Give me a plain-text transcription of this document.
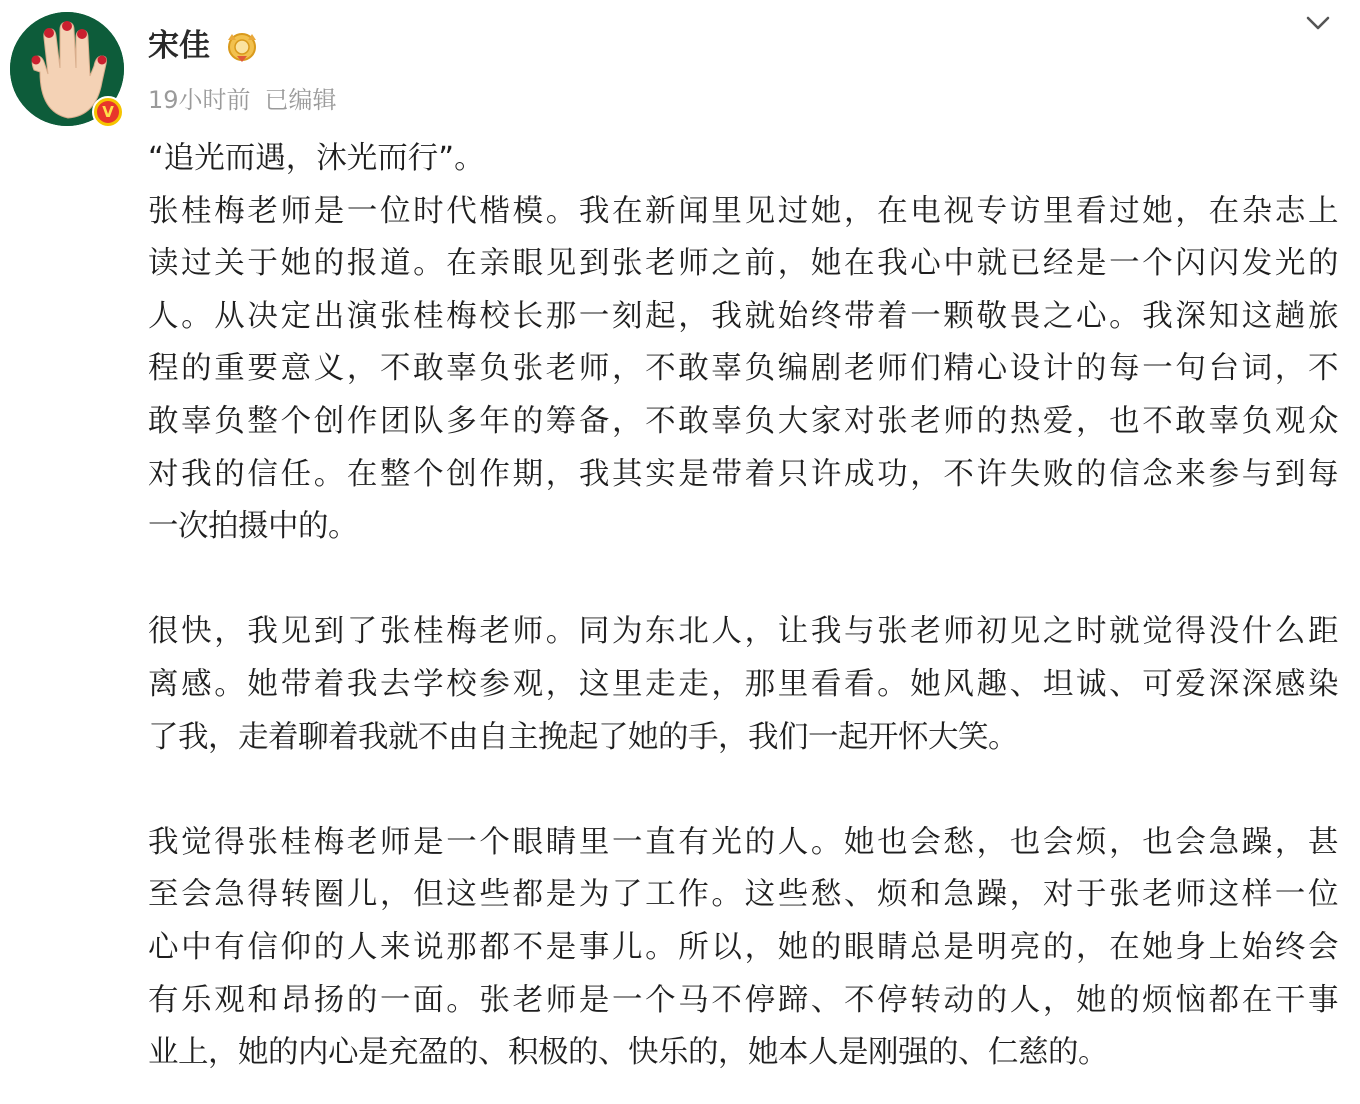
V
宋佳
19小时前 已编辑
“追光而遇，沐光而行”。
张桂梅老师是一位时代楷模。我在新闻里见过她，在电视专访里看过她，在杂志上
读过关于她的报道。在亲眼见到张老师之前，她在我心中就已经是一个闪闪发光的
人。从决定出演张桂梅校长那一刻起，我就始终带着一颗敬畏之心。我深知这趟旅
程的重要意义，不敢辜负张老师，不敢辜负编剧老师们精心设计的每一句台词，不
敢辜负整个创作团队多年的筹备，不敢辜负大家对张老师的热爱，也不敢辜负观众
对我的信任。在整个创作期，我其实是带着只许成功，不许失败的信念来参与到每
一次拍摄中的。
很快，我见到了张桂梅老师。同为东北人，让我与张老师初见之时就觉得没什么距
离感。她带着我去学校参观，这里走走，那里看看。她风趣、坦诚、可爱深深感染
了我，走着聊着我就不由自主挽起了她的手，我们一起开怀大笑。
我觉得张桂梅老师是一个眼睛里一直有光的人。她也会愁，也会烦，也会急躁，甚
至会急得转圈儿，但这些都是为了工作。这些愁、烦和急躁，对于张老师这样一位
心中有信仰的人来说那都不是事儿。所以，她的眼睛总是明亮的，在她身上始终会
有乐观和昂扬的一面。张老师是一个马不停蹄、不停转动的人，她的烦恼都在干事
业上，她的内心是充盈的、积极的、快乐的，她本人是刚强的、仁慈的。
